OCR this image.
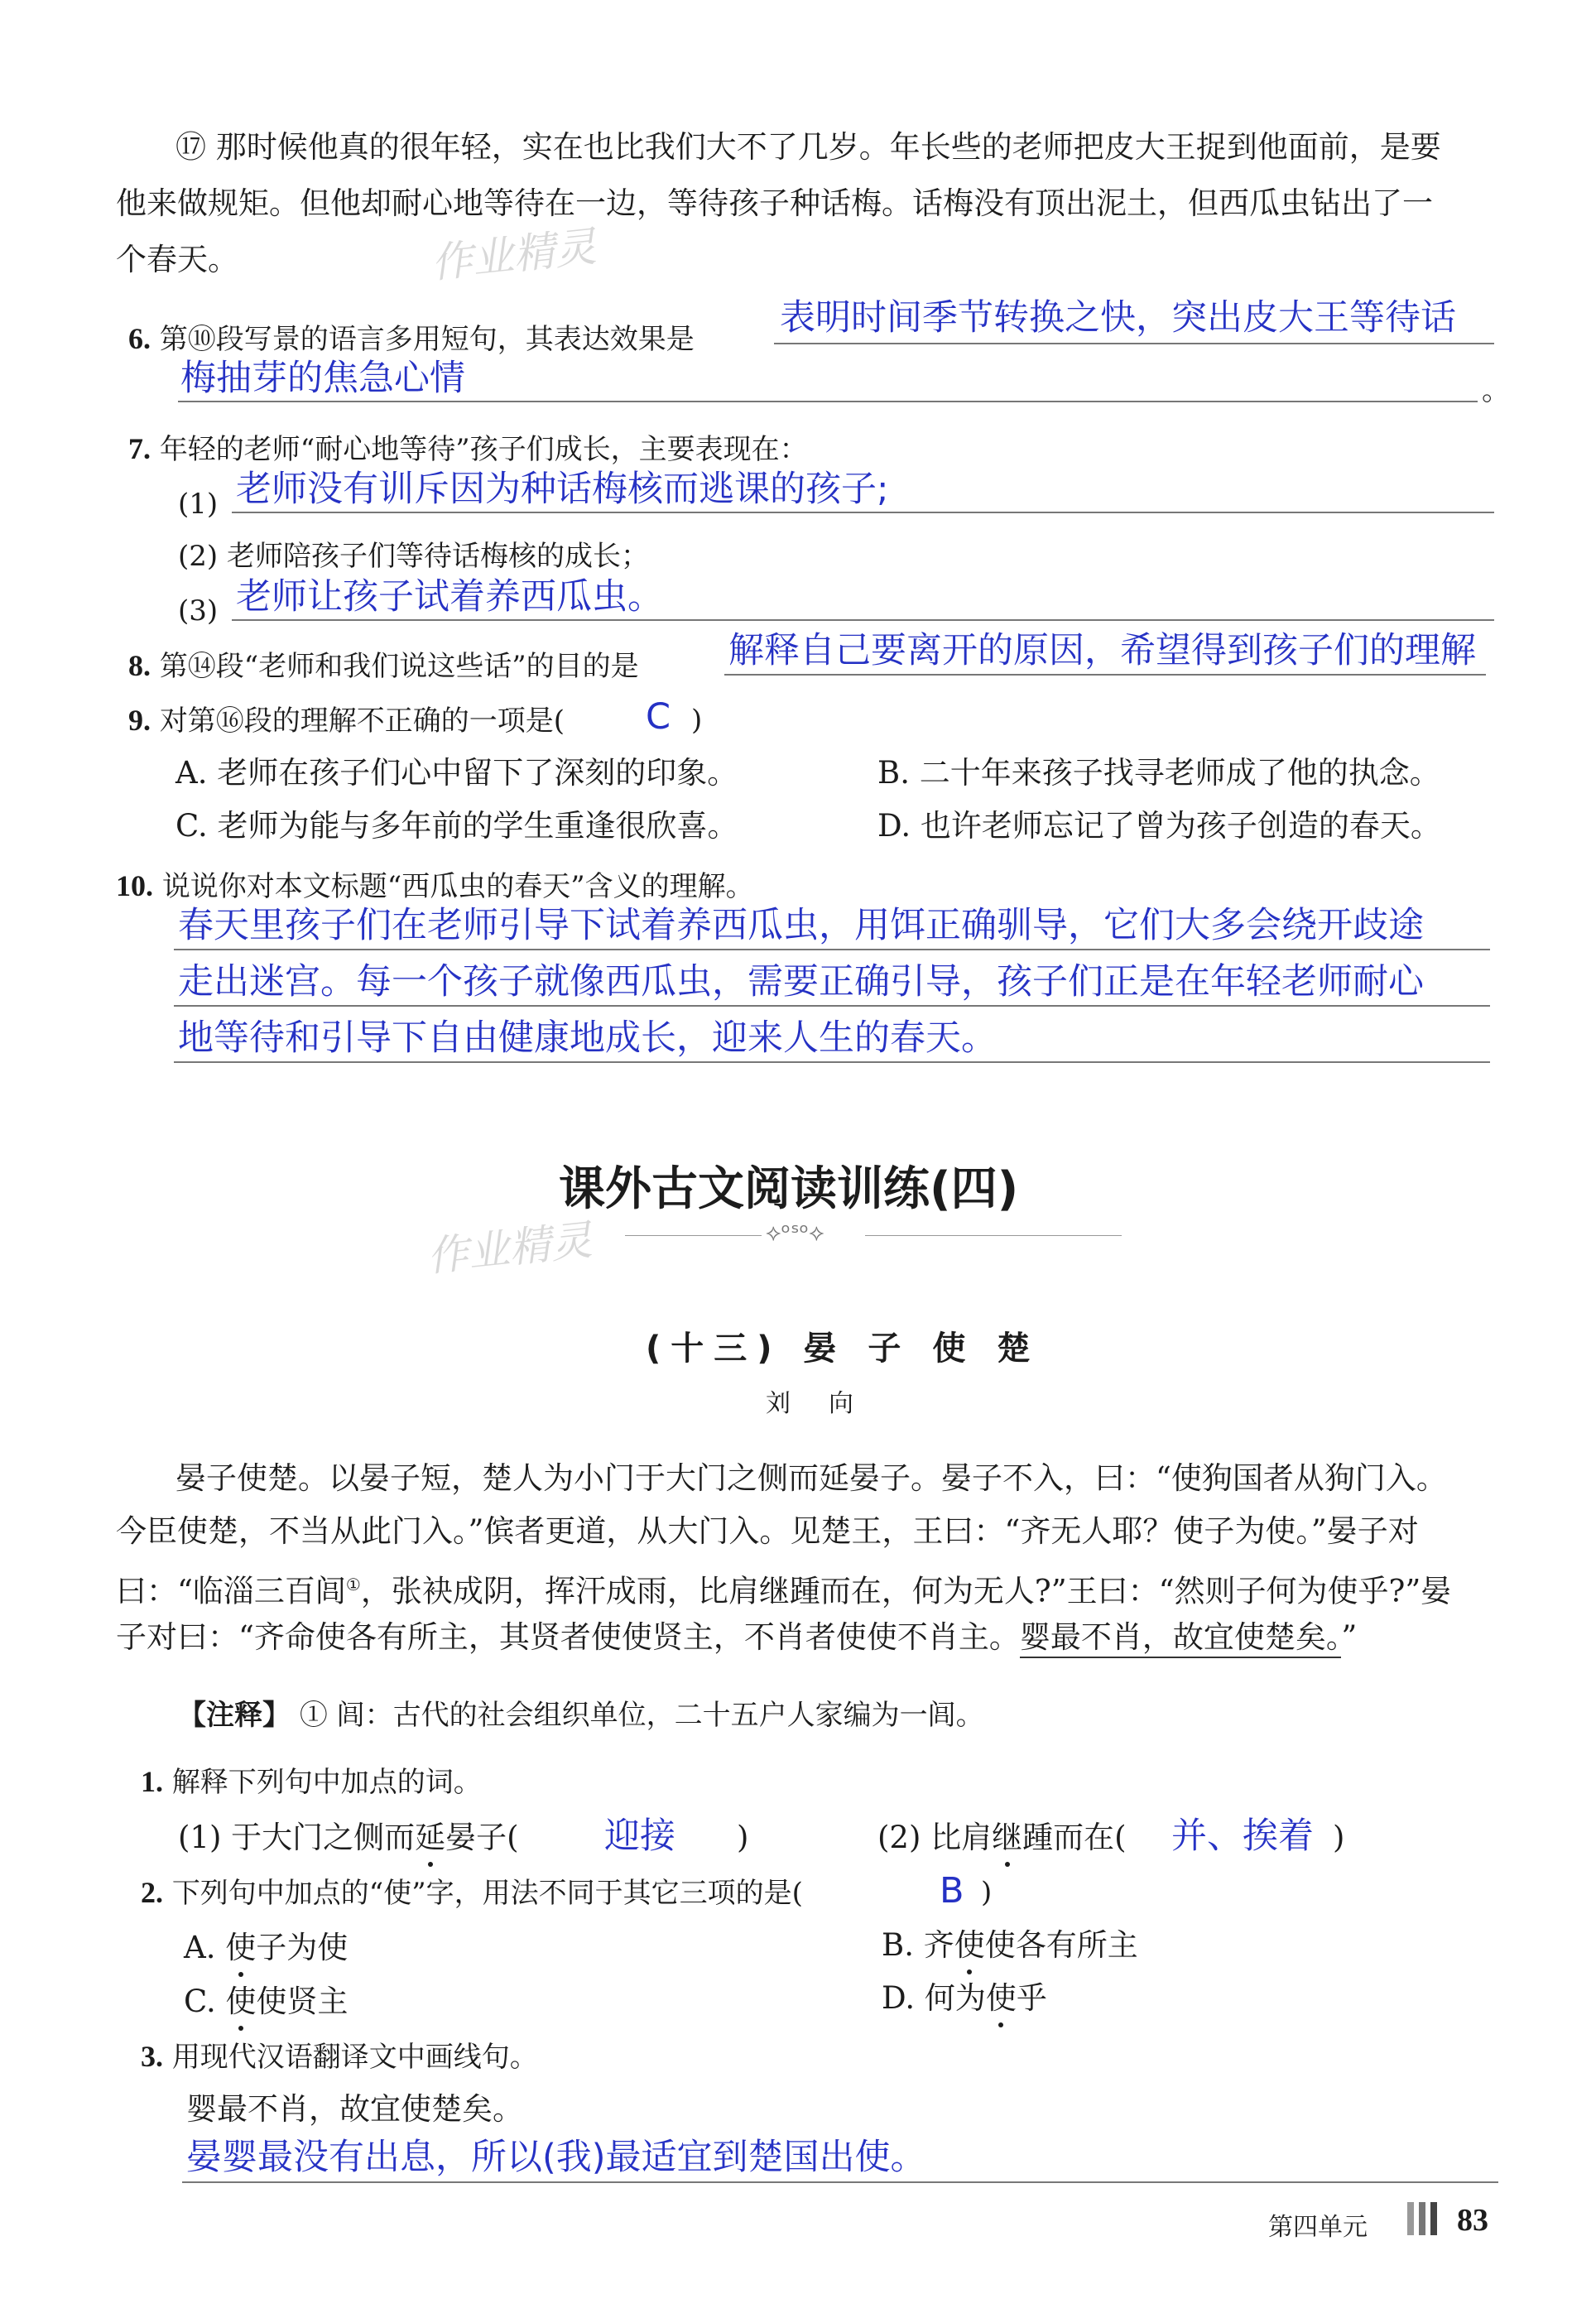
作业精灵
作业精灵
⑰ 那时候他真的很年轻，实在也比我们大不了几岁。年长些的老师把皮大王捉到他面前，是要
他来做规矩。但他却耐心地等待在一边，等待孩子种话梅。话梅没有顶出泥土，但西瓜虫钻出了一
个春天。
6. 第⑩段写景的语言多用短句，其表达效果是
表明时间季节转换之快，突出皮大王等待话
梅抽芽的焦急心情	。
7. 年轻的老师“耐心地等待”孩子们成长，主要表现在：
(1) 老师没有训斥因为种话梅核而逃课的孩子;
(2) 老师陪孩子们等待话梅核的成长；
(3) 老师让孩子试着养西瓜虫。
8. 第⑭段“老师和我们说这些话”的目的是	解释自己要离开的原因，希望得到孩子们的理解
9. 对第⑯段的理解不正确的一项是( C )
A. 老师在孩子们心中留下了深刻的印象。	B. 二十年来孩子找寻老师成了他的执念。
C. 老师为能与多年前的学生重逢很欣喜。	D. 也许老师忘记了曾为孩子创造的春天。
10. 说说你对本文标题“西瓜虫的春天”含义的理解。
春天里孩子们在老师引导下试着养西瓜虫，用饵正确驯导，它们大多会绕开歧途
走出迷宫。每一个孩子就像西瓜虫，需要正确引导，孩子们正是在年轻老师耐心
地等待和引导下自由健康地成长，迎来人生的春天。
课外古文阅读训练(四)
⟡ᵒˢᵒ⟡
(十三) 晏 子 使 楚
刘　向
晏子使楚。以晏子短，楚人为小门于大门之侧而延晏子。晏子不入，曰：“使狗国者从狗门入。
今臣使楚，不当从此门入。”傧者更道，从大门入。见楚王，王曰：“齐无人耶？使子为使。”晏子对
曰：“临淄三百闾①，张袂成阴，挥汗成雨，比肩继踵而在，何为无人?”王曰：“然则子何为使乎?”晏
子对曰：“齐命使各有所主，其贤者使使贤主，不肖者使使不肖主。婴最不肖，故宜使楚矣。”
【注释】 ① 闾：古代的社会组织单位，二十五户人家编为一闾。
1. 解释下列句中加点的词。
(1) 于大门之侧而延晏子( 迎接 )	(2) 比肩继踵而在( 并、挨着 )
2. 下列句中加点的“使”字，用法不同于其它三项的是(	B )
A. 使子为使	B. 齐使使各有所主
C. 使使贤主	D. 何为使乎
3. 用现代汉语翻译文中画线句。
婴最不肖，故宜使楚矣。
晏婴最没有出息，所以(我)最适宜到楚国出使。
第四单元	83
